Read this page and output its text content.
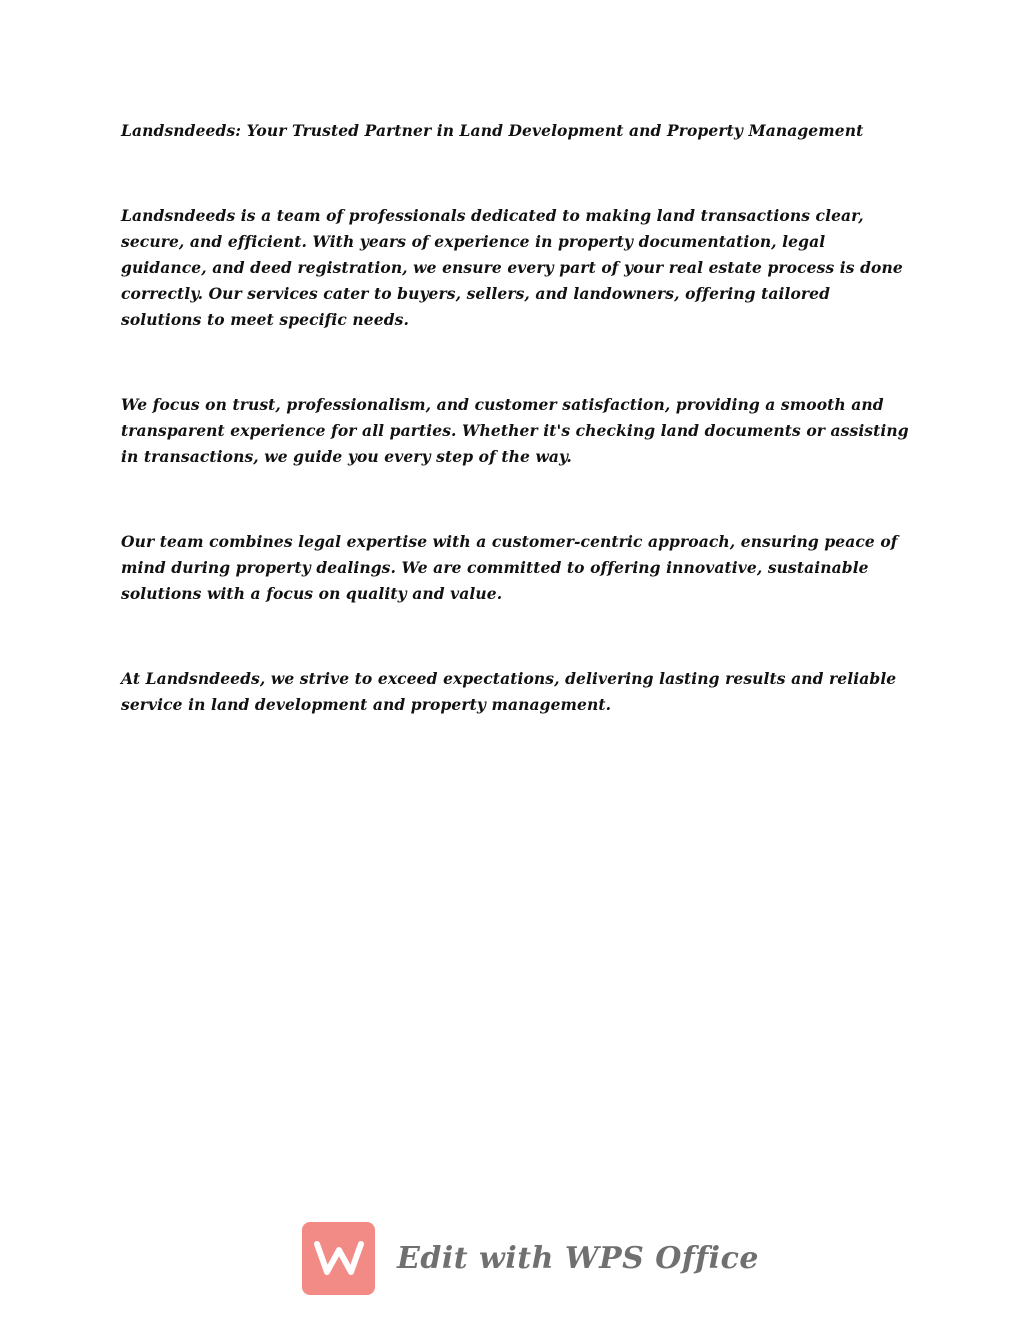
Landsndeeds: Your Trusted Partner in Land Development and Property Management

Landsndeeds is a team of professionals dedicated to making land transactions clear, secure, and efficient. With years of experience in property documentation, legal guidance, and deed registration, we ensure every part of your real estate process is done correctly. Our services cater to buyers, sellers, and landowners, offering tailored solutions to meet specific needs.

We focus on trust, professionalism, and customer satisfaction, providing a smooth and transparent experience for all parties. Whether it's checking land documents or assisting in transactions, we guide you every step of the way.

Our team combines legal expertise with a customer-centric approach, ensuring peace of mind during property dealings. We are committed to offering innovative, sustainable solutions with a focus on quality and value.

At Landsndeeds, we strive to exceed expectations, delivering lasting results and reliable service in land development and property management.

Edit with WPS Office
